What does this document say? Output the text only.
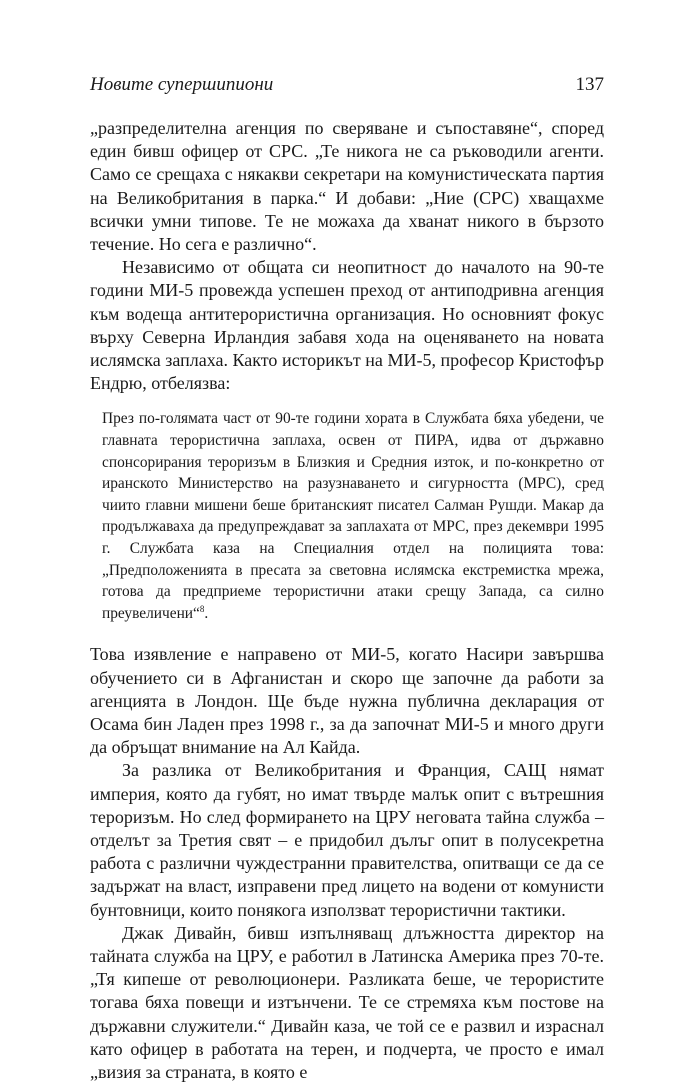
Новите супершипиони	137

„разпределителна агенция по сверяване и съпоставяне“, според един бивш офицер от СРС. „Те никога не са ръководили агенти. Само се срещаха с някакви секретари на комунистическата партия на Великобритания в парка.“ И добави: „Ние (СРС) хващахме всички умни типове. Те не можаха да хванат никого в бързото течение. Но сега е различно“.

Независимо от общата си неопитност до началото на 90-те години МИ-5 провежда успешен преход от антиподривна агенция към водеща антитерористична организация. Но основният фокус върху Северна Ирландия забавя хода на оценяването на новата ислямска заплаха. Както историкът на МИ-5, професор Кристофър Ендрю, отбелязва:

През по-голямата част от 90-те години хората в Службата бяха убедени, че главната терористична заплаха, освен от ПИРА, идва от държавно спонсорирания тероризъм в Близкия и Средния изток, и по-конкретно от иранското Министерство на разузнаването и сигурността (МРС), сред чиито главни мишени беше британският писател Салман Рушди. Макар да продължаваха да предупреждават за заплахата от МРС, през декември 1995 г. Службата каза на Специалния отдел на полицията това: „Предположенията в пресата за световна ислямска екстремистка мрежа, готова да предприеме терористични атаки срещу Запада, са силно преувеличени“$^8$.

Това изявление е направено от МИ-5, когато Насири завършва обучението си в Афганистан и скоро ще започне да работи за агенцията в Лондон. Ще бъде нужна публична декларация от Осама бин Ладен през 1998 г., за да започнат МИ-5 и много други да обръщат внимание на Ал Кайда.

За разлика от Великобритания и Франция, САЩ нямат империя, която да губят, но имат твърде малък опит с вътрешния тероризъм. Но след формирането на ЦРУ неговата тайна служба – отделът за Третия свят – е придобил дълъг опит в полусекретна работа с различни чуждестранни правителства, опитващи се да се задържат на власт, изправени пред лицето на водени от комунисти бунтовници, които понякога използват терористични тактики.

Джак Дивайн, бивш изпълняващ длъжността директор на тайната служба на ЦРУ, е работил в Латинска Америка през 70-те. „Тя кипеше от революционери. Разликата беше, че терористите тогава бяха повещи и изтънчени. Те се стремяха към постове на държавни служители.“ Дивайн каза, че той се е развил и израснал като офицер в работата на терен, и подчерта, че просто е имал „визия за страната, в която е
